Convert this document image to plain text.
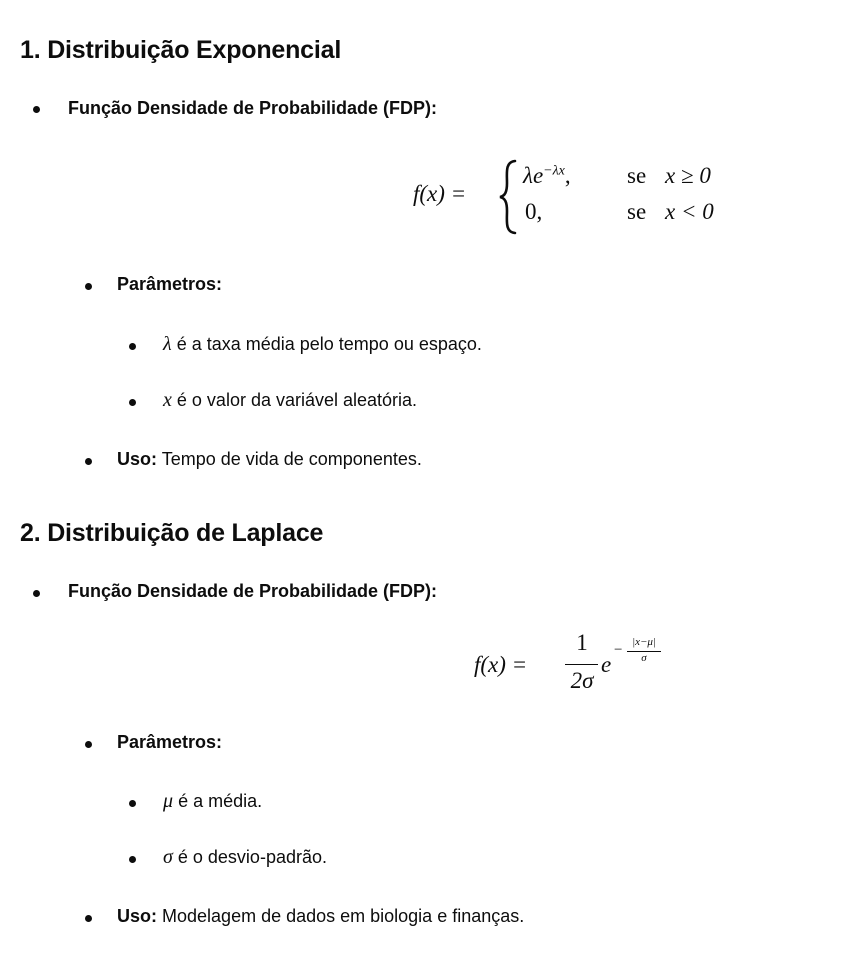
1. Distribuição Exponencial
Função Densidade de Probabilidade (FDP):
f(x) =
$\lambda e^{-\lambda x}$, se x ≥ 0
0,	se x < 0
Parâmetros:
λ é a taxa média pelo tempo ou espaço.
x é o valor da variável aleatória.
Uso: Tempo de vida de componentes.
2. Distribuição de Laplace
Função Densidade de Probabilidade (FDP):
f(x) =
1
2σ
e
− |x−μ|
σ
Parâmetros:
μ é a média.
σ é o desvio-padrão.
Uso: Modelagem de dados em biologia e finanças.
